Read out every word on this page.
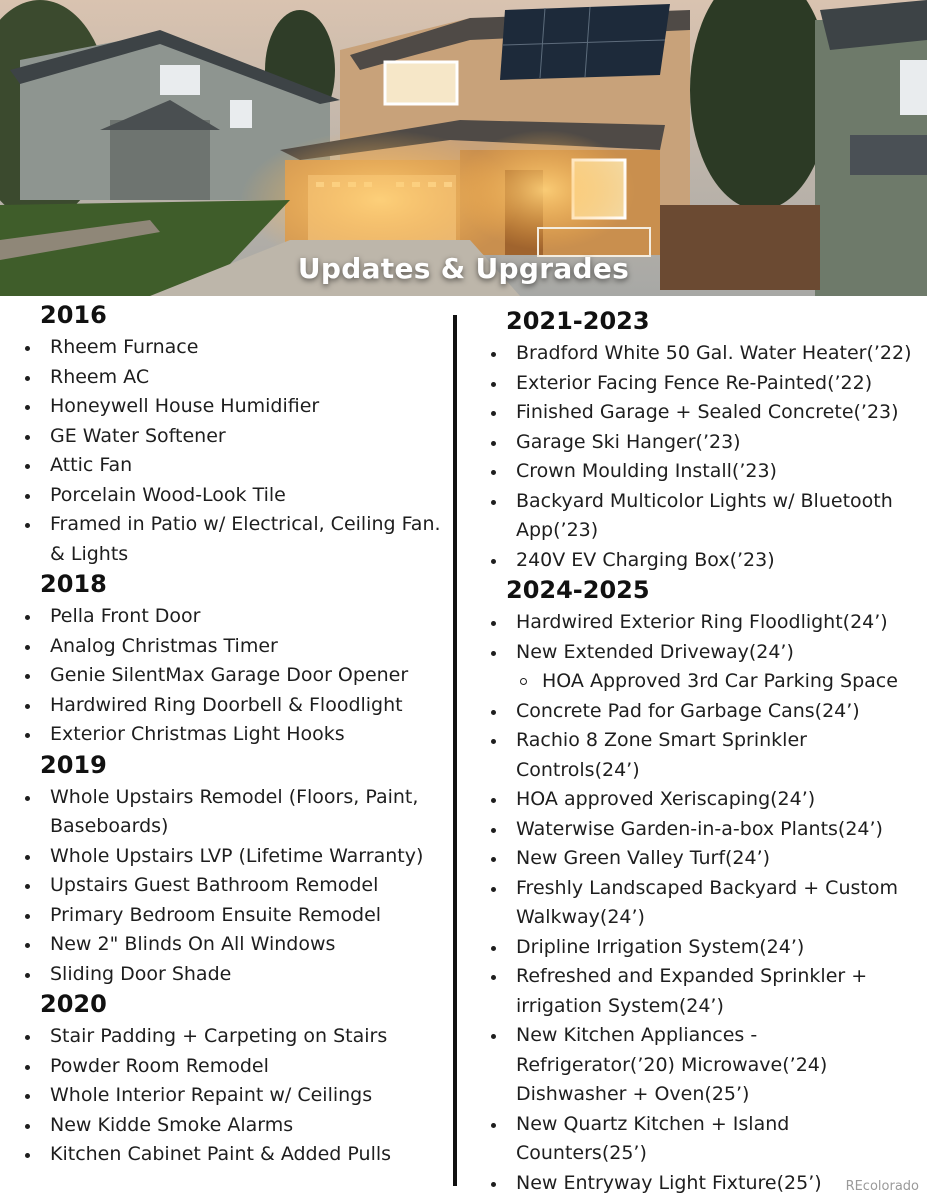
Updates & Upgrades
2016
Rheem Furnace
Rheem AC
Honeywell House Humidifier
GE Water Softener
Attic Fan
Porcelain Wood-Look Tile
Framed in Patio w/ Electrical, Ceiling Fan. & Lights
2018
Pella Front Door
Analog Christmas Timer
Genie SilentMax Garage Door Opener
Hardwired Ring Doorbell & Floodlight
Exterior Christmas Light Hooks
2019
Whole Upstairs Remodel (Floors, Paint, Baseboards)
Whole Upstairs LVP (Lifetime Warranty)
Upstairs Guest Bathroom Remodel
Primary Bedroom Ensuite Remodel
New 2" Blinds On All Windows
Sliding Door Shade
2020
Stair Padding + Carpeting on Stairs
Powder Room Remodel
Whole Interior Repaint w/ Ceilings
New Kidde Smoke Alarms
Kitchen Cabinet Paint & Added Pulls
2021-2023
Bradford White 50 Gal. Water Heater(’22)
Exterior Facing Fence Re-Painted(’22)
Finished Garage + Sealed Concrete(’23)
Garage Ski Hanger(’23)
Crown Moulding Install(’23)
Backyard Multicolor Lights w/ Bluetooth App(’23)
240V EV Charging Box(’23)
2024-2025
Hardwired Exterior Ring Floodlight(24’)
New Extended Driveway(24’)
HOA Approved 3rd Car Parking Space
Concrete Pad for Garbage Cans(24’)
Rachio 8 Zone Smart Sprinkler Controls(24’)
HOA approved Xeriscaping(24’)
Waterwise Garden-in-a-box Plants(24’)
New Green Valley Turf(24’)
Freshly Landscaped Backyard + Custom Walkway(24’)
Dripline Irrigation System(24’)
Refreshed and Expanded Sprinkler + irrigation System(24’)
New Kitchen Appliances - Refrigerator(’20) Microwave(’24) Dishwasher + Oven(25’)
New Quartz Kitchen + Island Counters(25’)
New Entryway Light Fixture(25’)	REcolorado
